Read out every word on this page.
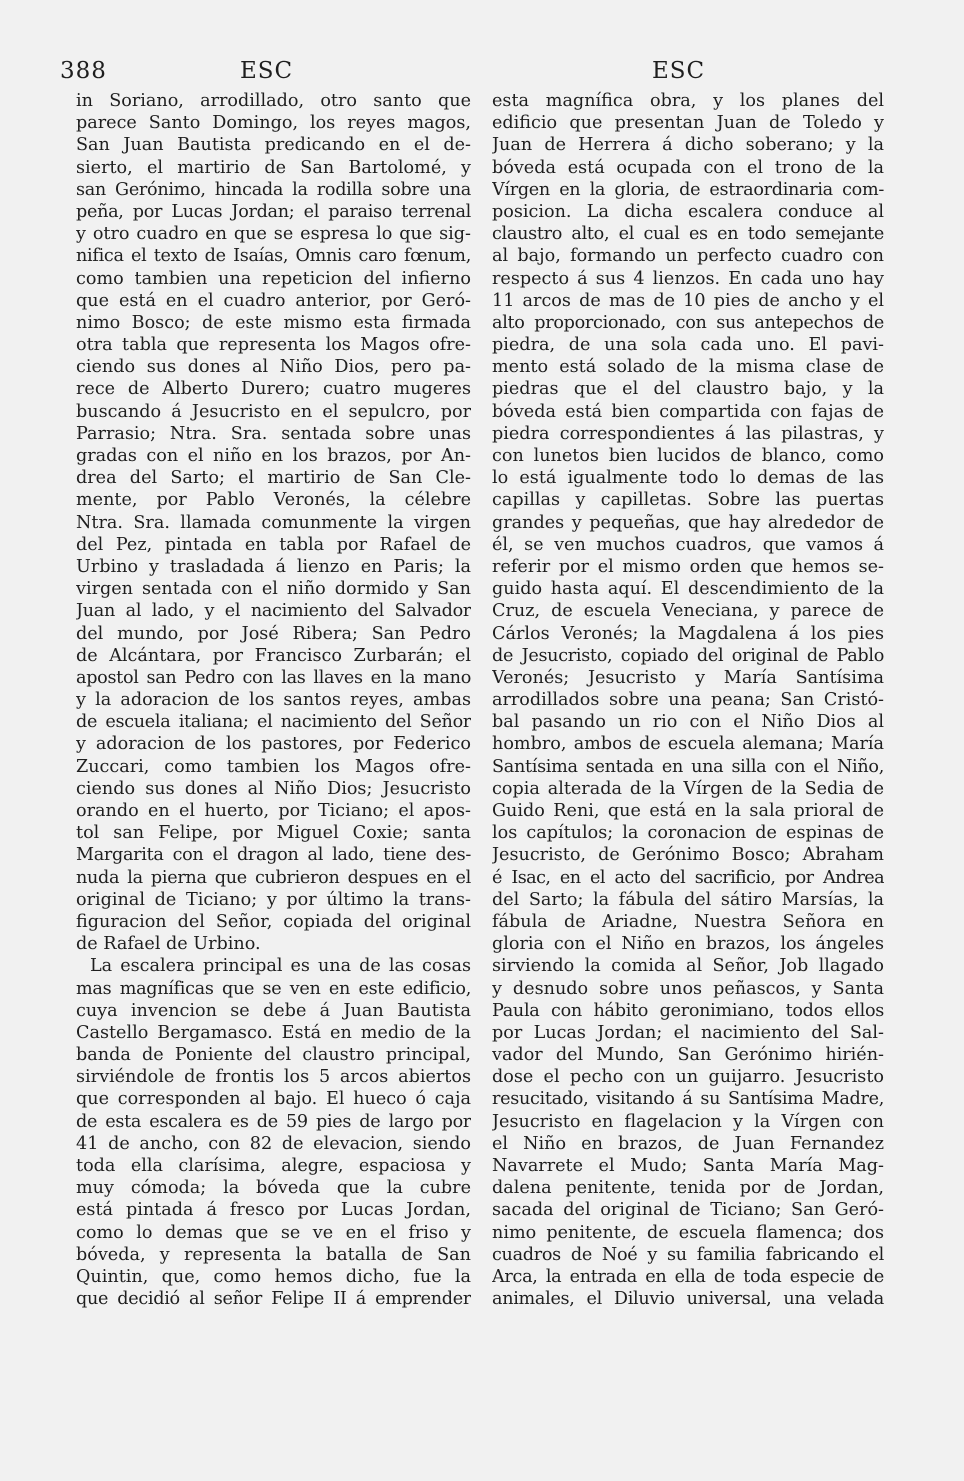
388	ESC	ESC
in Soriano, arrodillado, otro santo que
parece Santo Domingo, los reyes magos,
San Juan Bautista predicando en el de-
sierto, el martirio de San Bartolomé, y
san Gerónimo, hincada la rodilla sobre una
peña, por Lucas Jordan; el paraiso terrenal
y otro cuadro en que se espresa lo que sig-
nifica el texto de Isaías, Omnis caro fœnum,
como tambien una repeticion del infierno
que está en el cuadro anterior, por Geró-
nimo Bosco; de este mismo esta firmada
otra tabla que representa los Magos ofre-
ciendo sus dones al Niño Dios, pero pa-
rece de Alberto Durero; cuatro mugeres
buscando á Jesucristo en el sepulcro, por
Parrasio; Ntra. Sra. sentada sobre unas
gradas con el niño en los brazos, por An-
drea del Sarto; el martirio de San Cle-
mente, por Pablo Veronés, la célebre
Ntra. Sra. llamada comunmente la virgen
del Pez, pintada en tabla por Rafael de
Urbino y trasladada á lienzo en Paris; la
virgen sentada con el niño dormido y San
Juan al lado, y el nacimiento del Salvador
del mundo, por José Ribera; San Pedro
de Alcántara, por Francisco Zurbarán; el
apostol san Pedro con las llaves en la mano
y la adoracion de los santos reyes, ambas
de escuela italiana; el nacimiento del Señor
y adoracion de los pastores, por Federico
Zuccari, como tambien los Magos ofre-
ciendo sus dones al Niño Dios; Jesucristo
orando en el huerto, por Ticiano; el apos-
tol san Felipe, por Miguel Coxie; santa
Margarita con el dragon al lado, tiene des-
nuda la pierna que cubrieron despues en el
original de Ticiano; y por último la trans-
figuracion del Señor, copiada del original
de Rafael de Urbino.
La escalera principal es una de las cosas
mas magníficas que se ven en este edificio,
cuya invencion se debe á Juan Bautista
Castello Bergamasco. Está en medio de la
banda de Poniente del claustro principal,
sirviéndole de frontis los 5 arcos abiertos
que corresponden al bajo. El hueco ó caja
de esta escalera es de 59 pies de largo por
41 de ancho, con 82 de elevacion, siendo
toda ella clarísima, alegre, espaciosa y
muy cómoda; la bóveda que la cubre
está pintada á fresco por Lucas Jordan,
como lo demas que se ve en el friso y
bóveda, y representa la batalla de San
Quintin, que, como hemos dicho, fue la
que decidió al señor Felipe II á emprender
esta magnífica obra, y los planes del
edificio que presentan Juan de Toledo y
Juan de Herrera á dicho soberano; y la
bóveda está ocupada con el trono de la
Vírgen en la gloria, de estraordinaria com-
posicion. La dicha escalera conduce al
claustro alto, el cual es en todo semejante
al bajo, formando un perfecto cuadro con
respecto á sus 4 lienzos. En cada uno hay
11 arcos de mas de 10 pies de ancho y el
alto proporcionado, con sus antepechos de
piedra, de una sola cada uno. El pavi-
mento está solado de la misma clase de
piedras que el del claustro bajo, y la
bóveda está bien compartida con fajas de
piedra correspondientes á las pilastras, y
con lunetos bien lucidos de blanco, como
lo está igualmente todo lo demas de las
capillas y capilletas. Sobre las puertas
grandes y pequeñas, que hay alrededor de
él, se ven muchos cuadros, que vamos á
referir por el mismo orden que hemos se-
guido hasta aquí. El descendimiento de la
Cruz, de escuela Veneciana, y parece de
Cárlos Veronés; la Magdalena á los pies
de Jesucristo, copiado del original de Pablo
Veronés; Jesucristo y María Santísima
arrodillados sobre una peana; San Cristó-
bal pasando un rio con el Niño Dios al
hombro, ambos de escuela alemana; María
Santísima sentada en una silla con el Niño,
copia alterada de la Vírgen de la Sedia de
Guido Reni, que está en la sala prioral de
los capítulos; la coronacion de espinas de
Jesucristo, de Gerónimo Bosco; Abraham
é Isac, en el acto del sacrificio, por Andrea
del Sarto; la fábula del sátiro Marsías, la
fábula de Ariadne, Nuestra Señora en
gloria con el Niño en brazos, los ángeles
sirviendo la comida al Señor, Job llagado
y desnudo sobre unos peñascos, y Santa
Paula con hábito geronimiano, todos ellos
por Lucas Jordan; el nacimiento del Sal-
vador del Mundo, San Gerónimo hirién-
dose el pecho con un guijarro. Jesucristo
resucitado, visitando á su Santísima Madre,
Jesucristo en flagelacion y la Vírgen con
el Niño en brazos, de Juan Fernandez
Navarrete el Mudo; Santa María Mag-
dalena penitente, tenida por de Jordan,
sacada del original de Ticiano; San Geró-
nimo penitente, de escuela flamenca; dos
cuadros de Noé y su familia fabricando el
Arca, la entrada en ella de toda especie de
animales, el Diluvio universal, una velada
